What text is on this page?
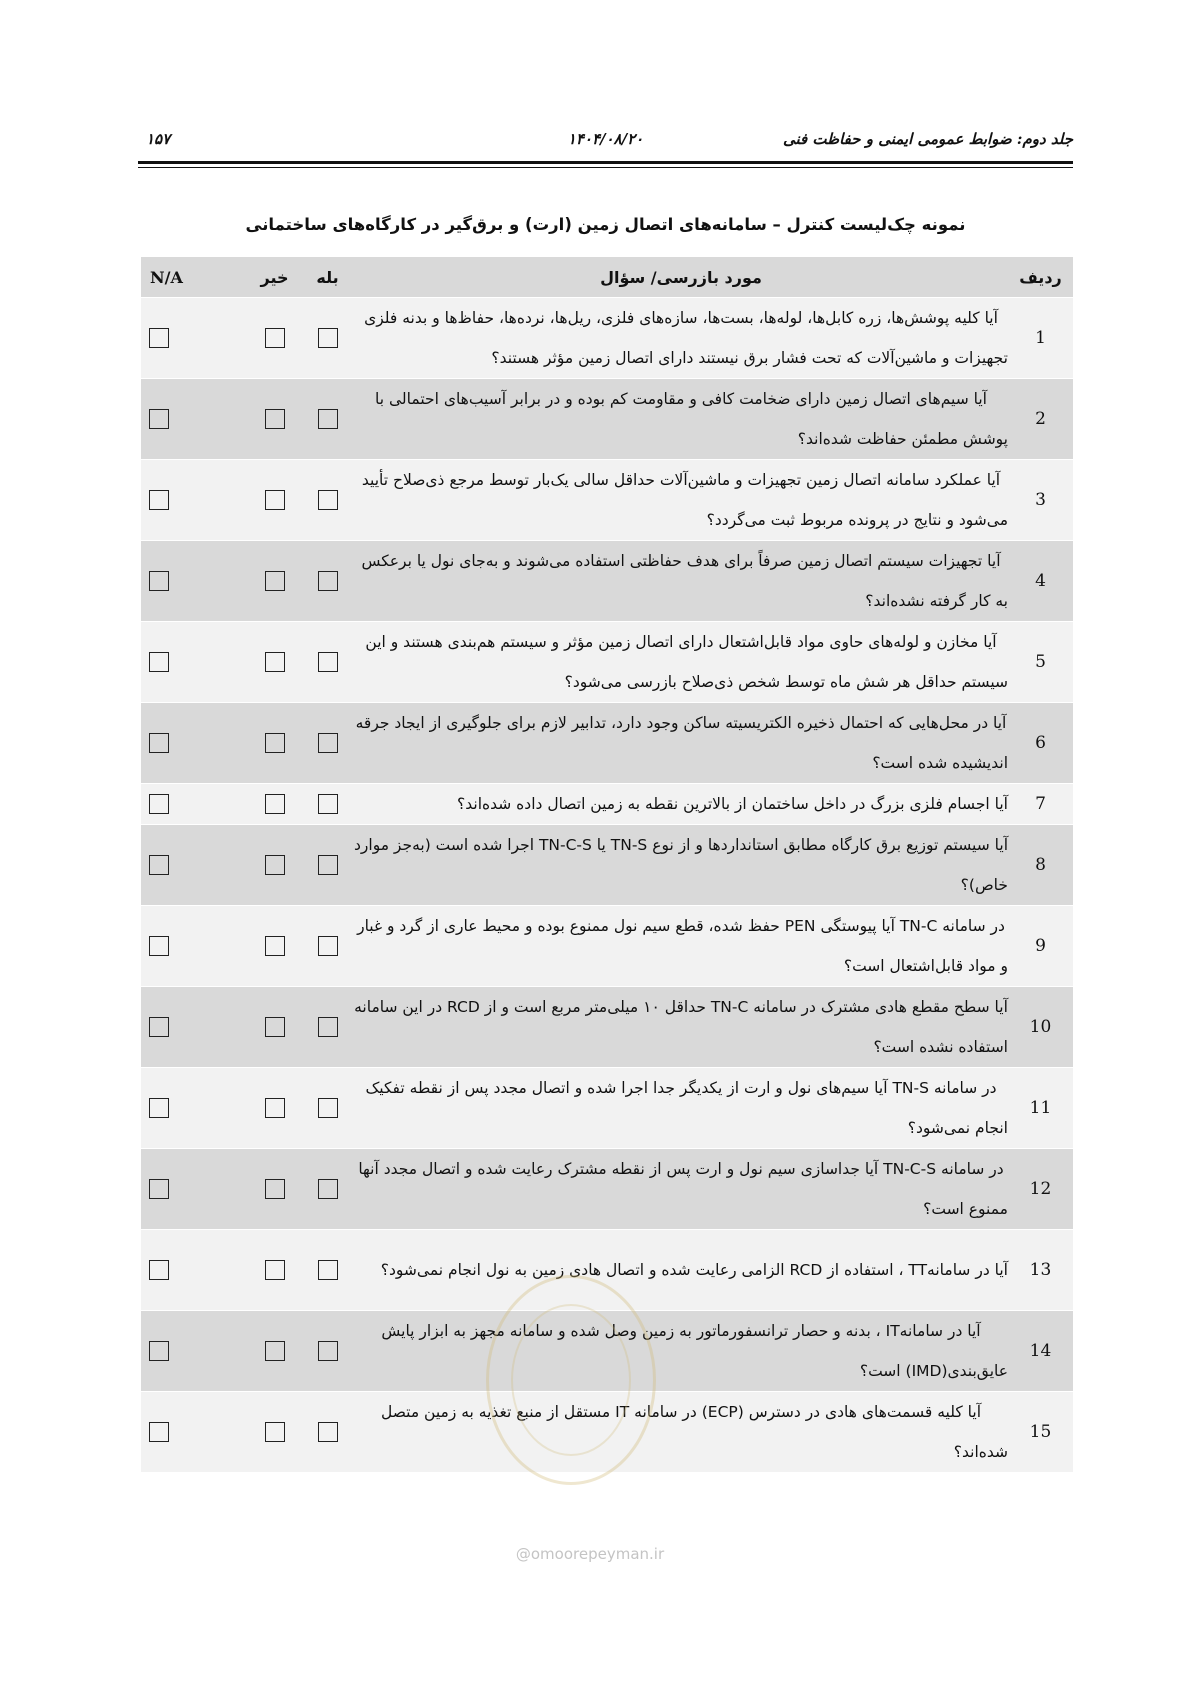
جلد دوم: ضوابط عمومی ایمنی و حفاظت فنی
۱۴۰۴/۰۸/۲۰
۱۵۷
نمونه چک‌لیست کنترل – سامانه‌های اتصال زمین (ارت) و برق‌گیر در کارگاه‌های ساختمانی
ردیف	مورد بازرسی/ سؤال	بله	خیر	N/A
1	آیا کلیه پوشش‌ها، زره کابل‌ها، لوله‌ها، بست‌ها، سازه‌های فلزی، ریل‌ها، نرده‌ها، حفاظ‌ها و بدنه فلزی تجهیزات و ماشین‌آلات که تحت فشار برق نیستند دارای اتصال زمین مؤثر هستند؟			
2	آیا سیم‌های اتصال زمین دارای ضخامت کافی و مقاومت کم بوده و در برابر آسیب‌های احتمالی با پوشش مطمئن حفاظت شده‌اند؟			
3	آیا عملکرد سامانه اتصال زمین تجهیزات و ماشین‌آلات حداقل سالی یک‌بار توسط مرجع ذی‌صلاح تأیید می‌شود و نتایج در پرونده مربوط ثبت می‌گردد؟			
4	آیا تجهیزات سیستم اتصال زمین صرفاً برای هدف حفاظتی استفاده می‌شوند و به‌جای نول یا برعکس به کار گرفته نشده‌اند؟			
5	آیا مخازن و لوله‌های حاوی مواد قابل‌اشتعال دارای اتصال زمین مؤثر و سیستم هم‌بندی هستند و این سیستم حداقل هر شش ماه توسط شخص ذی‌صلاح بازرسی می‌شود؟			
6	آیا در محل‌هایی که احتمال ذخیره الکتریسیته ساکن وجود دارد، تدابیر لازم برای جلوگیری از ایجاد جرقه اندیشیده شده است؟			
7	آیا اجسام فلزی بزرگ در داخل ساختمان از بالاترین نقطه به زمین اتصال داده شده‌اند؟			
8	آیا سیستم توزیع برق کارگاه مطابق استانداردها و از نوع TN-S یا TN-C-S اجرا شده است (به‌جز موارد خاص)؟			
9	در سامانه TN-C آیا پیوستگی PEN حفظ شده، قطع سیم نول ممنوع بوده و محیط عاری از گرد و غبار و مواد قابل‌اشتعال است؟			
10	آیا سطح مقطع هادی مشترک در سامانه TN-C حداقل ۱۰ میلی‌متر مربع است و از RCD در این سامانه استفاده نشده است؟			
11	در سامانه TN-S آیا سیم‌های نول و ارت از یکدیگر جدا اجرا شده و اتصال مجدد پس از نقطه تفکیک انجام نمی‌شود؟			
12	در سامانه TN-C-S آیا جداسازی سیم نول و ارت پس از نقطه مشترک رعایت شده و اتصال مجدد آنها ممنوع است؟			
13	آیا در سامانهTT ، استفاده از RCD الزامی رعایت شده و اتصال هادی زمین به نول انجام نمی‌شود؟			
14	آیا در سامانهIT ، بدنه و حصار ترانسفورماتور به زمین وصل شده و سامانه مجهز به ابزار پایش عایق‌بندی(IMD) است؟			
15	آیا کلیه قسمت‌های هادی در دسترس (ECP) در سامانه IT مستقل از منبع تغذیه به زمین متصل شده‌اند؟			
@omoorepeyman.ir
